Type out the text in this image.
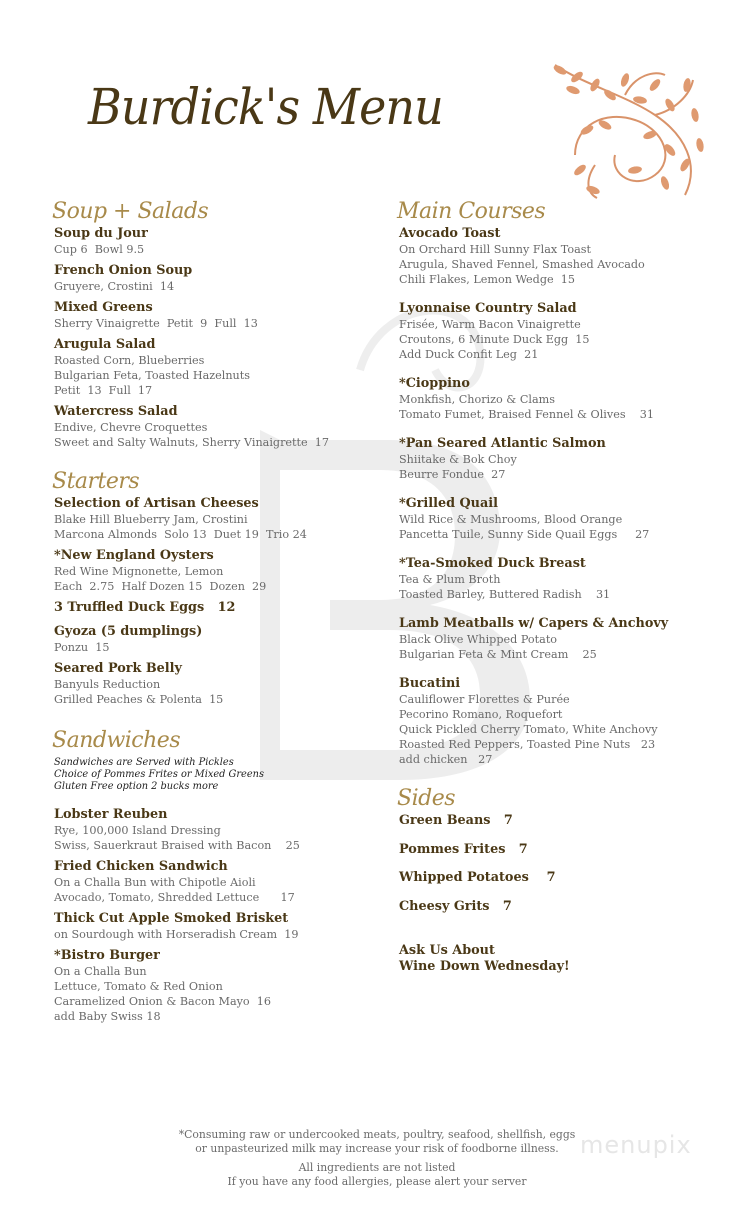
Burdick's Menu
Soup + Salads
Soup du Jour
Cup 6  Bowl 9.5
French Onion Soup
Gruyere, Crostini  14
Mixed Greens
Sherry Vinaigrette  Petit  9  Full  13
Arugula Salad
Roasted Corn, Blueberries
Bulgarian Feta, Toasted Hazelnuts
Petit  13  Full  17
Watercress Salad
Endive, Chevre Croquettes
Sweet and Salty Walnuts, Sherry Vinaigrette  17
Starters
Selection of Artisan Cheeses
Blake Hill Blueberry Jam, Crostini
Marcona Almonds  Solo 13  Duet 19  Trio 24
*New England Oysters
Red Wine Mignonette, Lemon
Each  2.75  Half Dozen 15  Dozen  29
3 Truffled Duck Eggs   12
Gyoza (5 dumplings)
Ponzu  15
Seared Pork Belly
Banyuls Reduction
Grilled Peaches & Polenta  15
Sandwiches
Sandwiches are Served with Pickles
Choice of Pommes Frites or Mixed Greens
Gluten Free option 2 bucks more
Lobster Reuben
Rye, 100,000 Island Dressing
Swiss, Sauerkraut Braised with Bacon    25
Fried Chicken Sandwich
On a Challa Bun with Chipotle Aioli
Avocado, Tomato, Shredded Lettuce      17
Thick Cut Apple Smoked Brisket
on Sourdough with Horseradish Cream  19
*Bistro Burger
On a Challa Bun
Lettuce, Tomato & Red Onion
Caramelized Onion & Bacon Mayo  16
add Baby Swiss 18
Main Courses
Avocado Toast
On Orchard Hill Sunny Flax Toast
Arugula, Shaved Fennel, Smashed Avocado
Chili Flakes, Lemon Wedge  15
Lyonnaise Country Salad
Frisée, Warm Bacon Vinaigrette
Croutons, 6 Minute Duck Egg  15
Add Duck Confit Leg  21
*Cioppino
Monkfish, Chorizo & Clams
Tomato Fumet, Braised Fennel & Olives    31
*Pan Seared Atlantic Salmon
Shiitake & Bok Choy
Beurre Fondue  27
*Grilled Quail
Wild Rice & Mushrooms, Blood Orange
Pancetta Tuile, Sunny Side Quail Eggs     27
*Tea-Smoked Duck Breast
Tea & Plum Broth
Toasted Barley, Buttered Radish    31
Lamb Meatballs w/ Capers & Anchovy
Black Olive Whipped Potato
Bulgarian Feta & Mint Cream    25
Bucatini
Cauliflower Florettes & Purée
Pecorino Romano, Roquefort
Quick Pickled Cherry Tomato, White Anchovy
Roasted Red Peppers, Toasted Pine Nuts   23
add chicken   27
Sides
Green Beans   7
Pommes Frites   7
Whipped Potatoes    7
Cheesy Grits   7
Ask Us About
Wine Down Wednesday!
*Consuming raw or undercooked meats, poultry, seafood, shellfish, eggs
or unpasteurized milk may increase your risk of foodborne illness.
All ingredients are not listed
If you have any food allergies, please alert your server
menupix
